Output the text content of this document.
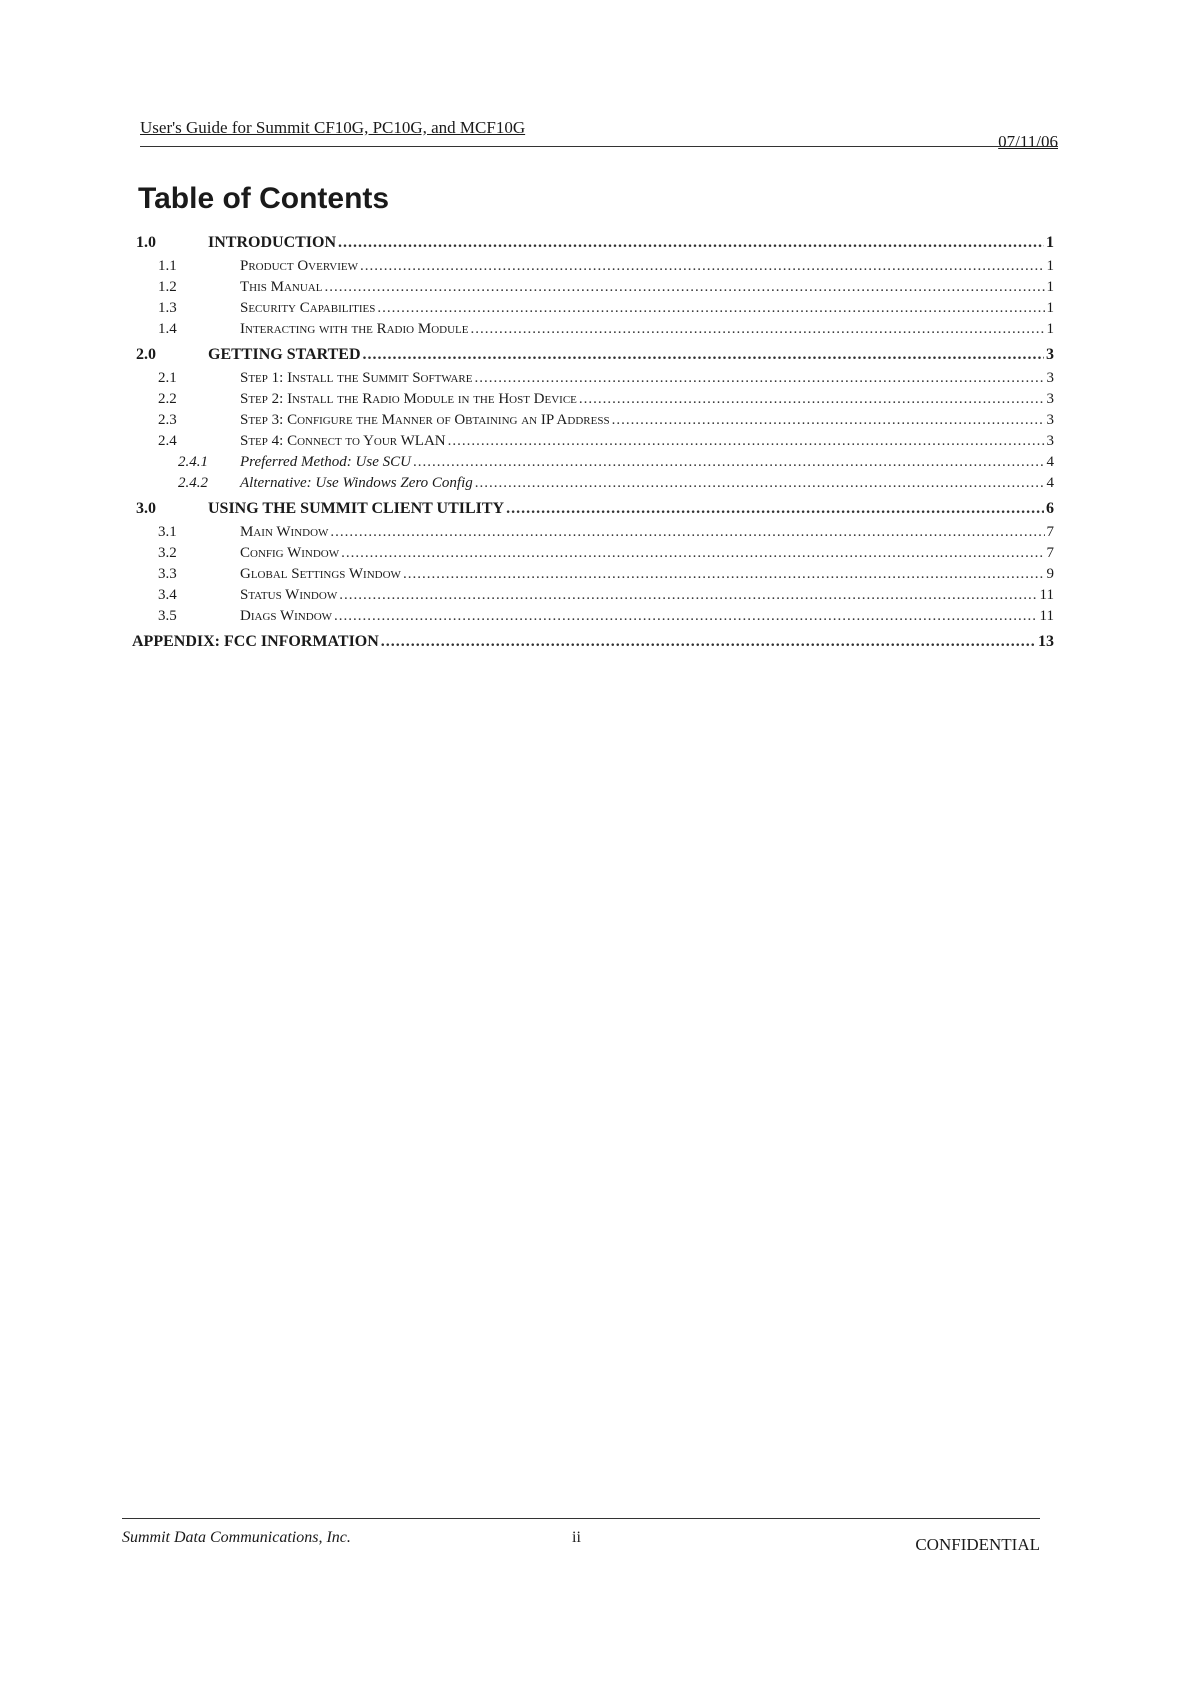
User's Guide for Summit CF10G, PC10G, and MCF10G
07/11/06
Table of Contents
1.0	INTRODUCTION .....	1
1.1	Product Overview .....	1
1.2	This Manual .....	1
1.3	Security Capabilities .....	1
1.4	Interacting with the Radio Module .....	1
2.0	GETTING STARTED .....	3
2.1	Step 1: Install the Summit Software .....	3
2.2	Step 2: Install the Radio Module in the Host Device .....	3
2.3	Step 3: Configure the Manner of Obtaining an IP Address .....	3
2.4	Step 4: Connect to Your WLAN .....	3
2.4.1	Preferred Method: Use SCU .....	4
2.4.2	Alternative: Use Windows Zero Config .....	4
3.0	USING THE SUMMIT CLIENT UTILITY .....	6
3.1	Main Window .....	7
3.2	Config Window .....	7
3.3	Global Settings Window .....	9
3.4	Status Window .....	11
3.5	Diags Window .....	11
APPENDIX: FCC INFORMATION .....	13
Summit Data Communications, Inc.	ii	CONFIDENTIAL
